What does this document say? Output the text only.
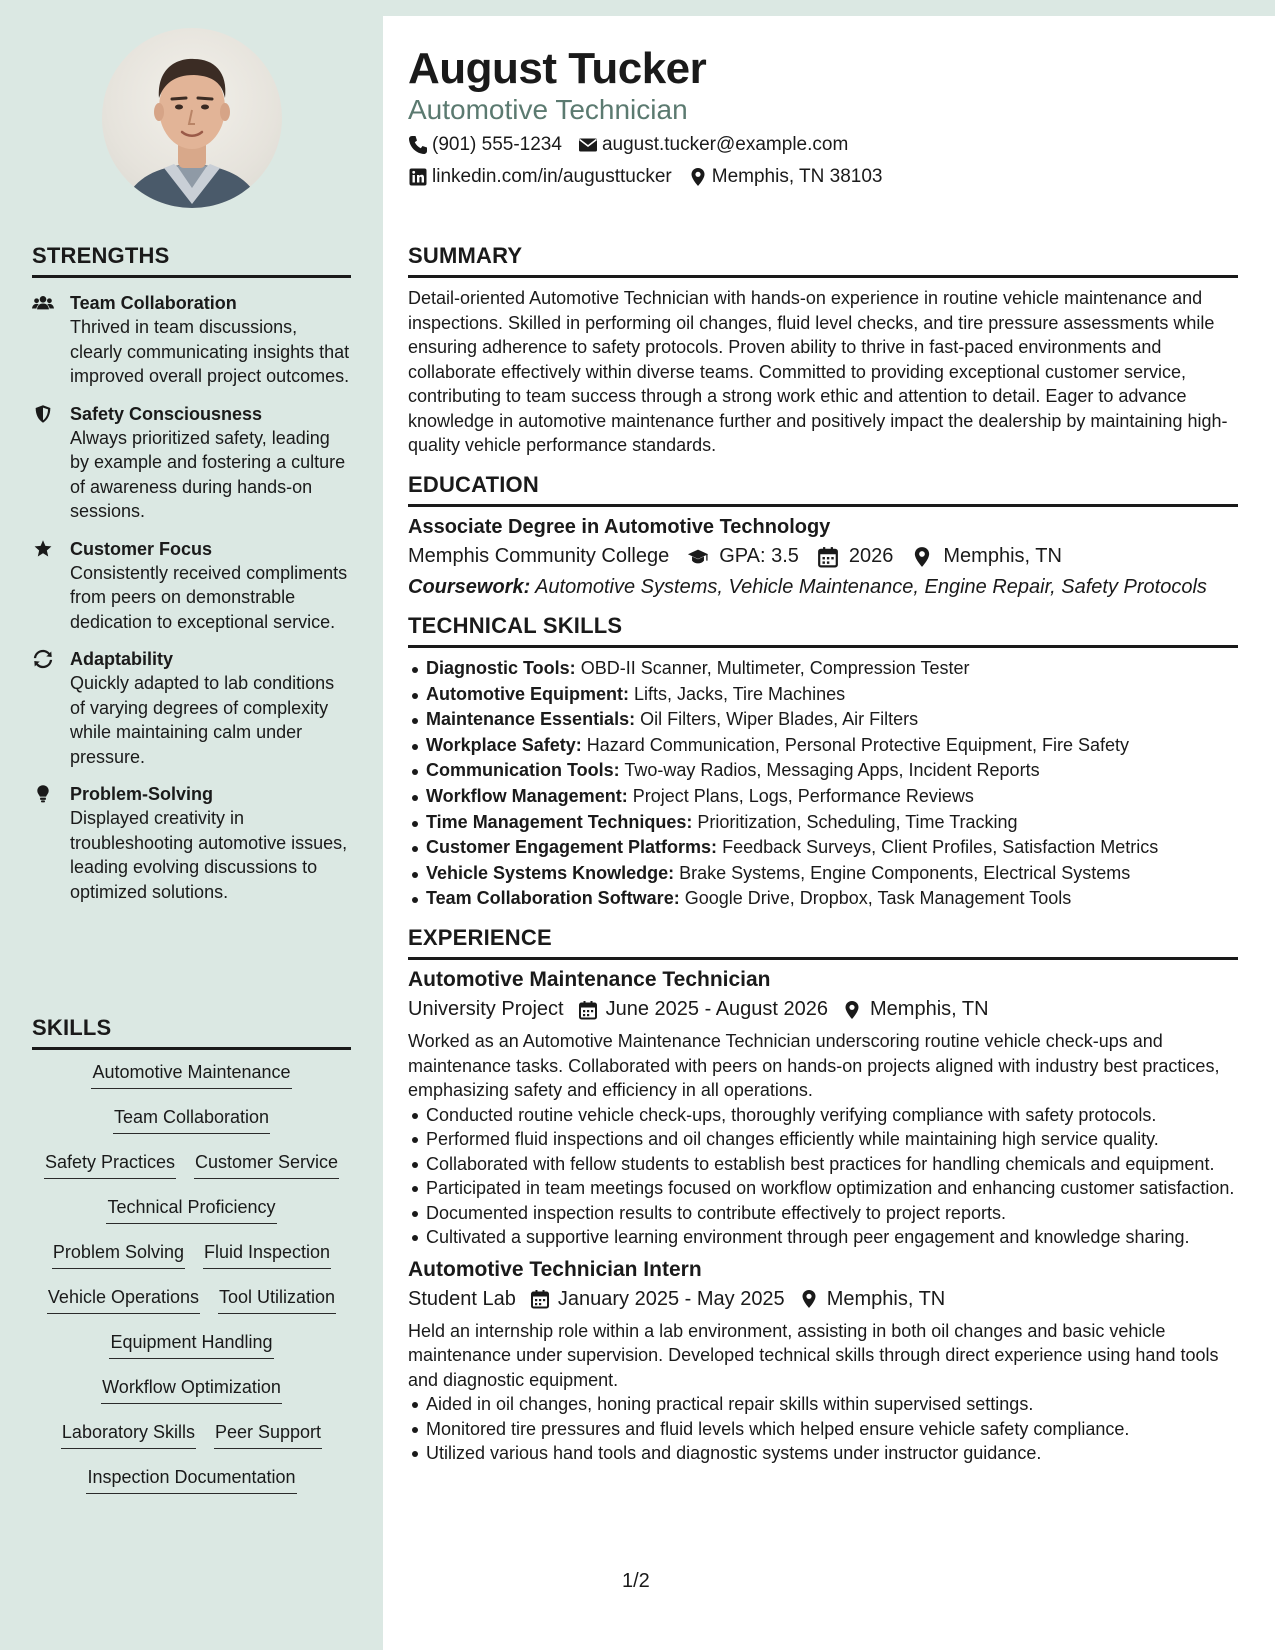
STRENGTHS
Team Collaboration
Thrived in team discussions, clearly communicating insights that improved overall project outcomes.
Safety Consciousness
Always prioritized safety, leading by example and fostering a culture of awareness during hands-on sessions.
Customer Focus
Consistently received compliments from peers on demonstrable dedication to exceptional service.
Adaptability
Quickly adapted to lab conditions of varying degrees of complexity while maintaining calm under pressure.
Problem-Solving
Displayed creativity in troubleshooting automotive issues, leading evolving discussions to optimized solutions.
SKILLS
Automotive Maintenance
Team Collaboration
Safety Practices Customer Service
Technical Proficiency
Problem Solving Fluid Inspection
Vehicle Operations Tool Utilization
Equipment Handling
Workflow Optimization
Laboratory Skills Peer Support
Inspection Documentation
August Tucker
Automotive Technician
(901) 555-1234 august.tucker@example.com
linkedin.com/in/augusttucker Memphis, TN 38103
SUMMARY
Detail-oriented Automotive Technician with hands-on experience in routine vehicle maintenance and inspections. Skilled in performing oil changes, fluid level checks, and tire pressure assessments while ensuring adherence to safety protocols. Proven ability to thrive in fast-paced environments and collaborate effectively within diverse teams. Committed to providing exceptional customer service, contributing to team success through a strong work ethic and attention to detail. Eager to advance knowledge in automotive maintenance further and positively impact the dealership by maintaining high-quality vehicle performance standards.
EDUCATION
Associate Degree in Automotive Technology
Memphis Community College	GPA: 3.5	2026	Memphis, TN
Coursework: Automotive Systems, Vehicle Maintenance, Engine Repair, Safety Protocols
TECHNICAL SKILLS
Diagnostic Tools: OBD-II Scanner, Multimeter, Compression Tester
Automotive Equipment: Lifts, Jacks, Tire Machines
Maintenance Essentials: Oil Filters, Wiper Blades, Air Filters
Workplace Safety: Hazard Communication, Personal Protective Equipment, Fire Safety
Communication Tools: Two-way Radios, Messaging Apps, Incident Reports
Workflow Management: Project Plans, Logs, Performance Reviews
Time Management Techniques: Prioritization, Scheduling, Time Tracking
Customer Engagement Platforms: Feedback Surveys, Client Profiles, Satisfaction Metrics
Vehicle Systems Knowledge: Brake Systems, Engine Components, Electrical Systems
Team Collaboration Software: Google Drive, Dropbox, Task Management Tools
EXPERIENCE
Automotive Maintenance Technician
University Project June 2025 - August 2026 Memphis, TN
Worked as an Automotive Maintenance Technician underscoring routine vehicle check-ups and maintenance tasks. Collaborated with peers on hands-on projects aligned with industry best practices, emphasizing safety and efficiency in all operations.
Conducted routine vehicle check-ups, thoroughly verifying compliance with safety protocols.
Performed fluid inspections and oil changes efficiently while maintaining high service quality.
Collaborated with fellow students to establish best practices for handling chemicals and equipment.
Participated in team meetings focused on workflow optimization and enhancing customer satisfaction.
Documented inspection results to contribute effectively to project reports.
Cultivated a supportive learning environment through peer engagement and knowledge sharing.
Automotive Technician Intern
Student Lab January 2025 - May 2025 Memphis, TN
Held an internship role within a lab environment, assisting in both oil changes and basic vehicle maintenance under supervision. Developed technical skills through direct experience using hand tools and diagnostic equipment.
Aided in oil changes, honing practical repair skills within supervised settings.
Monitored tire pressures and fluid levels which helped ensure vehicle safety compliance.
Utilized various hand tools and diagnostic systems under instructor guidance.
1/2
